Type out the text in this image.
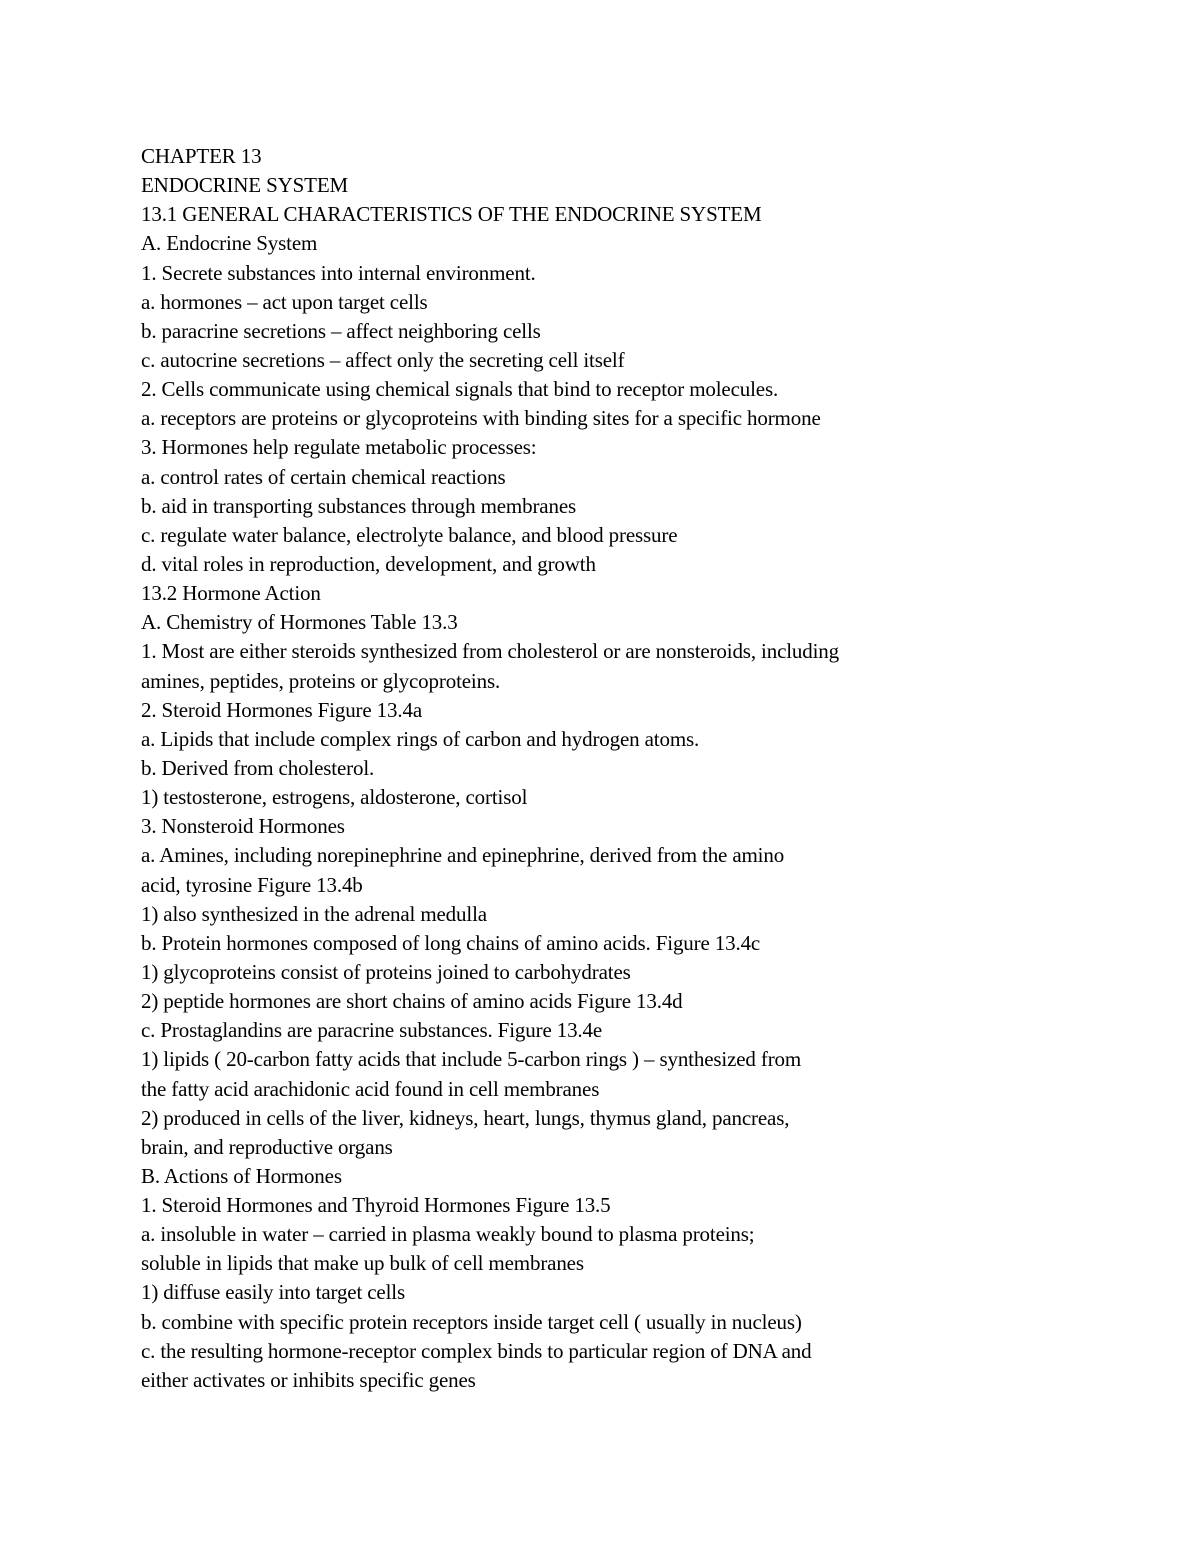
CHAPTER 13
ENDOCRINE SYSTEM
13.1 GENERAL CHARACTERISTICS OF THE ENDOCRINE SYSTEM
A. Endocrine System
1. Secrete substances into internal environment.
a. hormones – act upon target cells
b. paracrine secretions – affect neighboring cells
c. autocrine secretions – affect only the secreting cell itself
2. Cells communicate using chemical signals that bind to receptor molecules.
a. receptors are proteins or glycoproteins with binding sites for a specific hormone
3. Hormones help regulate metabolic processes:
a. control rates of certain chemical reactions
b. aid in transporting substances through membranes
c. regulate water balance, electrolyte balance, and blood pressure
d. vital roles in reproduction, development, and growth
13.2 Hormone Action
A. Chemistry of Hormones Table 13.3
1. Most are either steroids synthesized from cholesterol or are nonsteroids, including
amines, peptides, proteins or glycoproteins.
2. Steroid Hormones Figure 13.4a
a. Lipids that include complex rings of carbon and hydrogen atoms.
b. Derived from cholesterol.
1) testosterone, estrogens, aldosterone, cortisol
3. Nonsteroid Hormones
a. Amines, including norepinephrine and epinephrine, derived from the amino
acid, tyrosine Figure 13.4b
1) also synthesized in the adrenal medulla
b. Protein hormones composed of long chains of amino acids. Figure 13.4c
1) glycoproteins consist of proteins joined to carbohydrates
2) peptide hormones are short chains of amino acids Figure 13.4d
c. Prostaglandins are paracrine substances. Figure 13.4e
1) lipids ( 20-carbon fatty acids that include 5-carbon rings ) – synthesized from
the fatty acid arachidonic acid found in cell membranes
2) produced in cells of the liver, kidneys, heart, lungs, thymus gland, pancreas,
brain, and reproductive organs
B. Actions of Hormones
1. Steroid Hormones and Thyroid Hormones Figure 13.5
a. insoluble in water – carried in plasma weakly bound to plasma proteins;
soluble in lipids that make up bulk of cell membranes
1) diffuse easily into target cells
b. combine with specific protein receptors inside target cell ( usually in nucleus)
c. the resulting hormone-receptor complex binds to particular region of DNA and
either activates or inhibits specific genes
